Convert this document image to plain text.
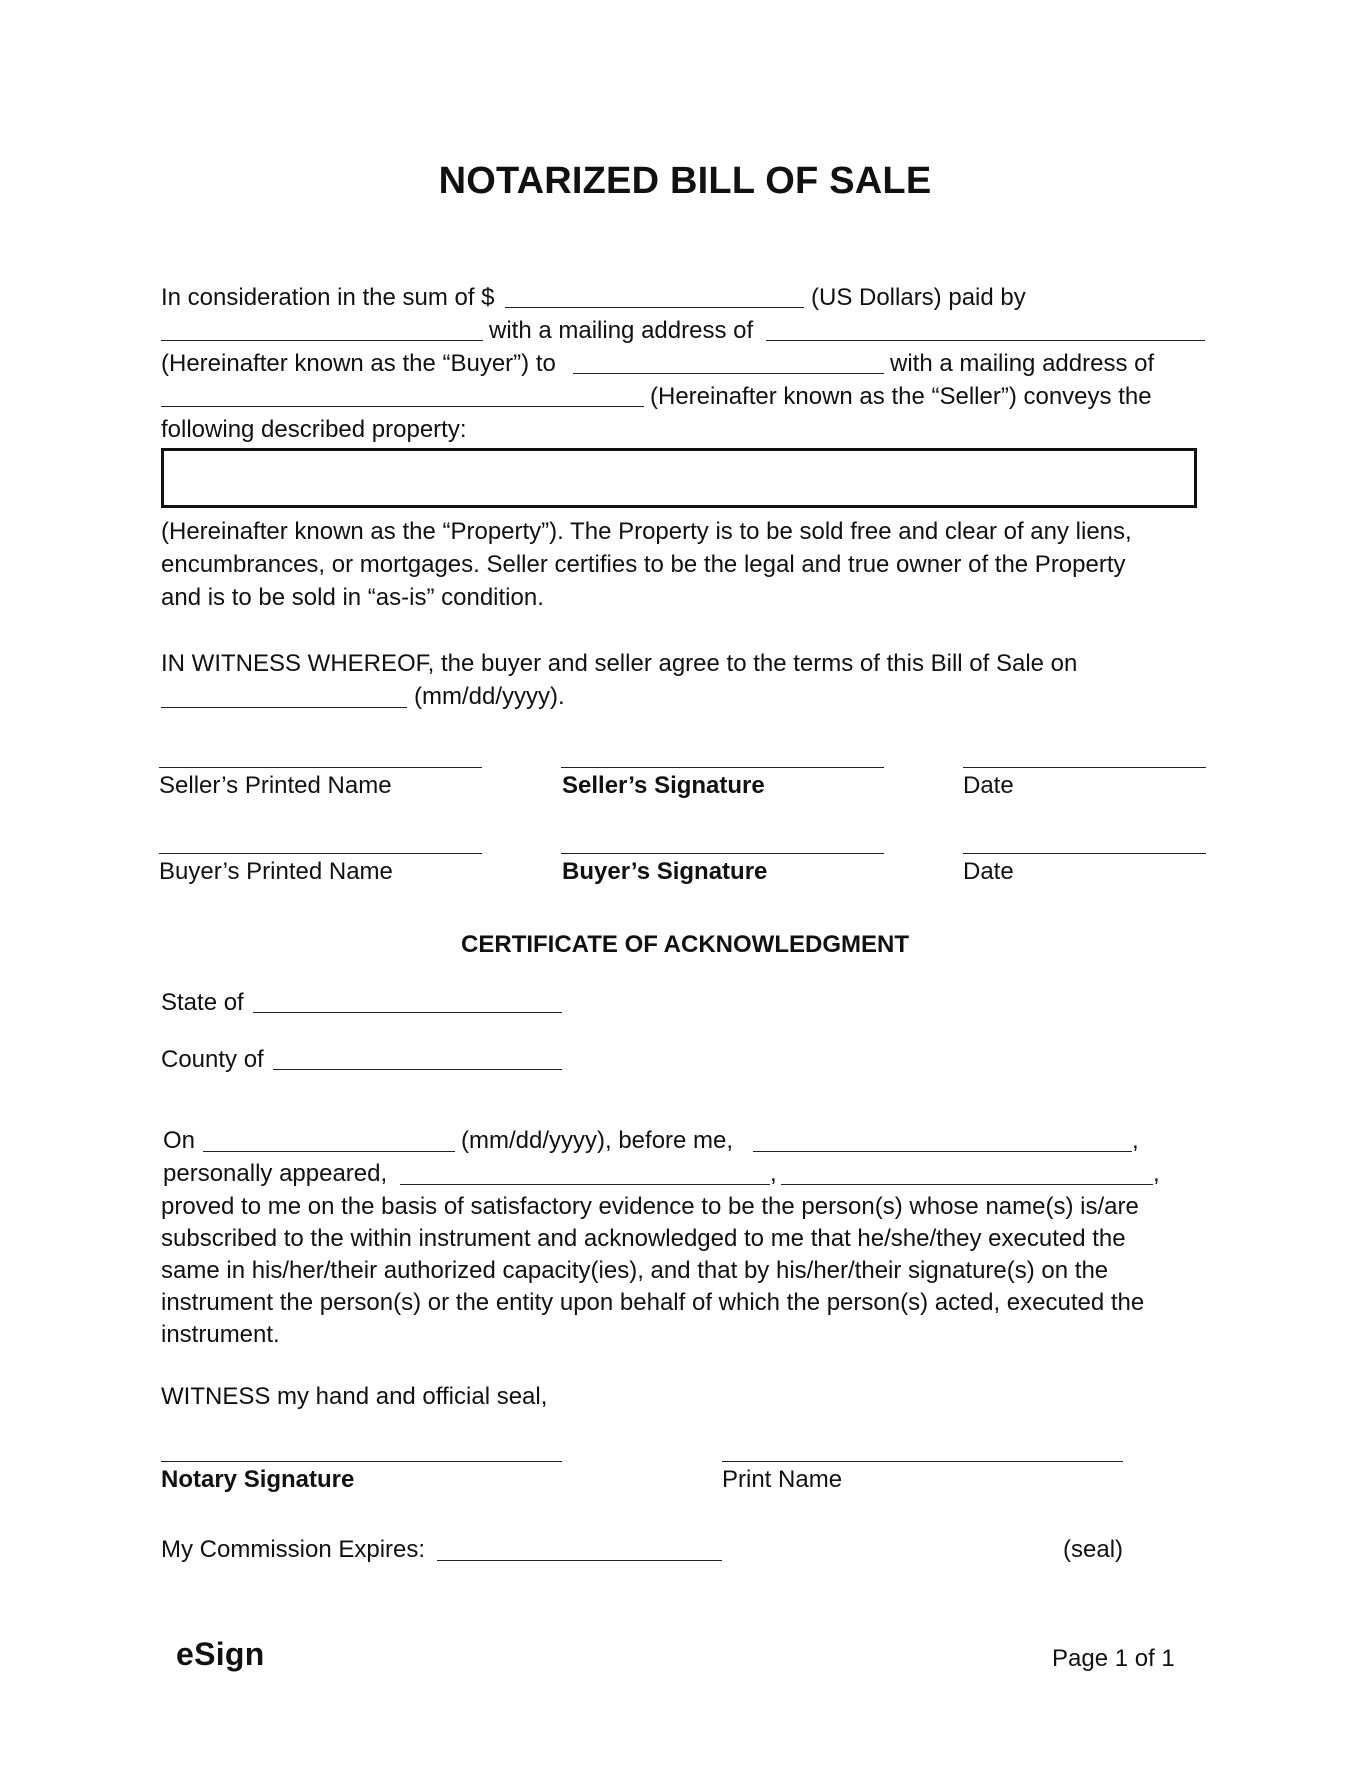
NOTARIZED BILL OF SALE
In consideration in the sum of $	(US Dollars) paid by
with a mailing address of
(Hereinafter known as the “Buyer”) to	with a mailing address of
(Hereinafter known as the “Seller”) conveys the
following described property:
(Hereinafter known as the “Property”). The Property is to be sold free and clear of any liens,
encumbrances, or mortgages. Seller certifies to be the legal and true owner of the Property
and is to be sold in “as-is” condition.
IN WITNESS WHEREOF, the buyer and seller agree to the terms of this Bill of Sale on
(mm/dd/yyyy).
Seller’s Printed Name	Seller’s Signature	Date
Buyer’s Printed Name	Buyer’s Signature	Date
CERTIFICATE OF ACKNOWLEDGMENT
State of
County of
On	(mm/dd/yyyy), before me,	,
personally appeared,	,	,
proved to me on the basis of satisfactory evidence to be the person(s) whose name(s) is/are
subscribed to the within instrument and acknowledged to me that he/she/they executed the
same in his/her/their authorized capacity(ies), and that by his/her/their signature(s) on the
instrument the person(s) or the entity upon behalf of which the person(s) acted, executed the
instrument.
WITNESS my hand and official seal,
Notary Signature	Print Name
My Commission Expires:	(seal)
eSign	Page 1 of 1
